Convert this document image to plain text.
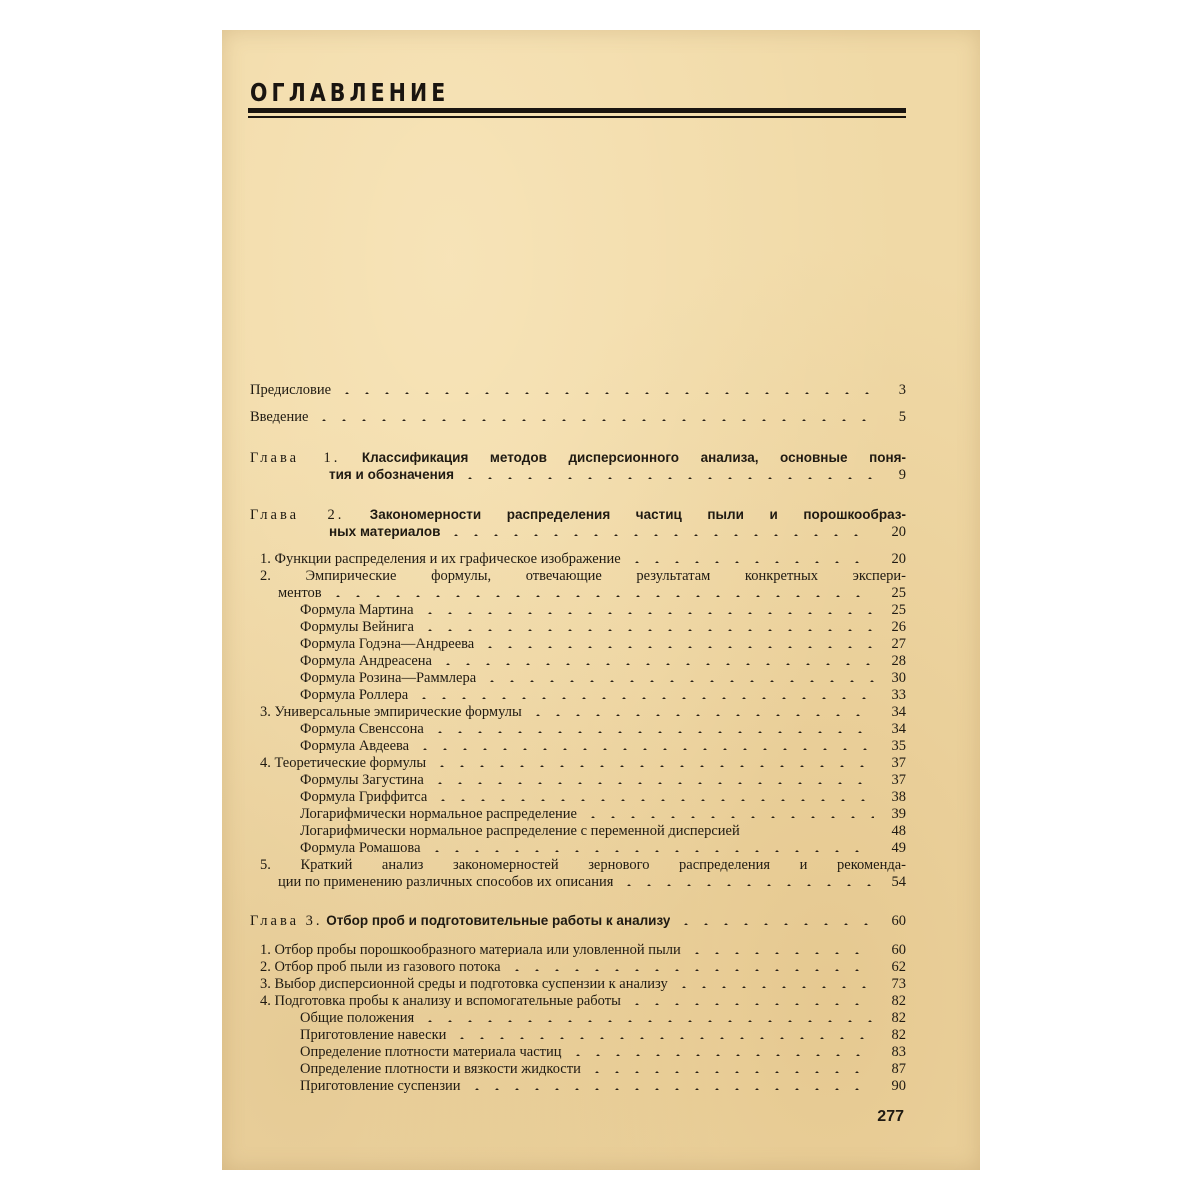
ОГЛАВЛЕНИЕ
Предисловие	3
Введение	5
Глава 1. Классификация методов дисперсионного анализа, основные поня-
тия и обозначения	9
Глава 2. Закономерности распределения частиц пыли и порошкообраз-
ных материалов	20
1. Функции распределения и их графическое изображение	20
2. Эмпирические формулы, отвечающие результатам конкретных экспери-
ментов	25
Формула Мартина	25
Формулы Вейнига	26
Формула Годэна—Андреева	27
Формула Андреасена	28
Формула Розина—Раммлера	30
Формула Роллера	33
3. Универсальные эмпирические формулы	34
Формула Свенссона	34
Формула Авдеева	35
4. Теоретические формулы	37
Формулы Загустина	37
Формула Гриффитса	38
Логарифмически нормальное распределение	39
Логарифмически нормальное распределение с переменной дисперсией	48
Формула Ромашова	49
5. Краткий анализ закономерностей зернового распределения и рекоменда-
ции по применению различных способов их описания	54
Глава 3. Отбор проб и подготовительные работы к анализу	60
1. Отбор пробы порошкообразного материала или уловленной пыли	60
2. Отбор проб пыли из газового потока	62
3. Выбор дисперсионной среды и подготовка суспензии к анализу	73
4. Подготовка пробы к анализу и вспомогательные работы	82
Общие положения	82
Приготовление навески	82
Определение плотности материала частиц	83
Определение плотности и вязкости жидкости	87
Приготовление суспензии	90
277
